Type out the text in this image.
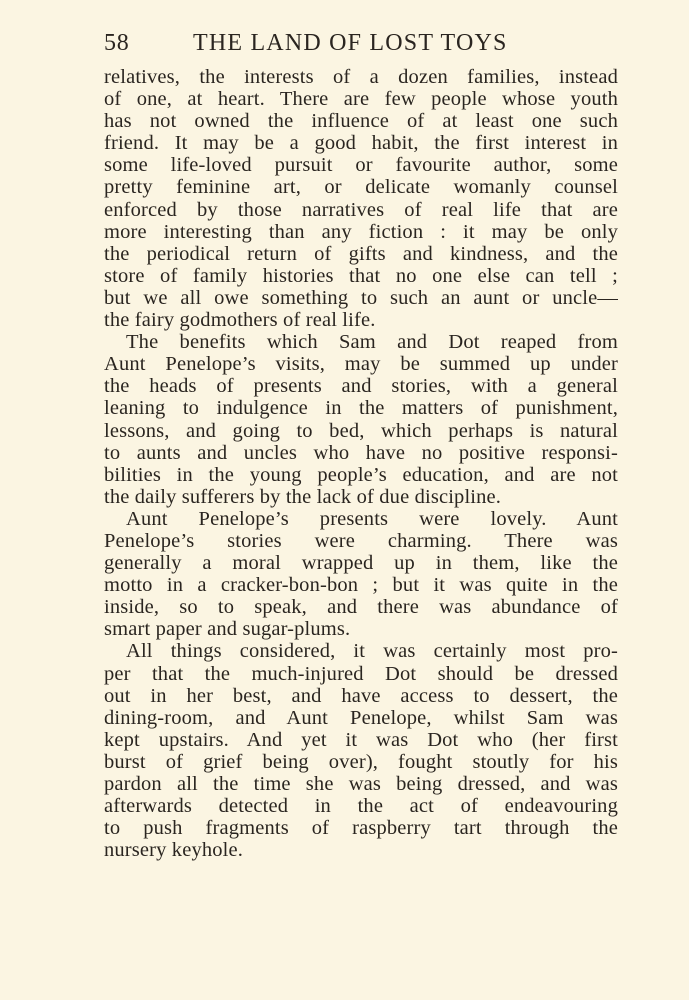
58	THE LAND OF LOST TOYS
relatives, the interests of a dozen families, instead
of one, at heart. There are few people whose youth
has not owned the influence of at least one such
friend. It may be a good habit, the first interest in
some life-loved pursuit or favourite author, some
pretty feminine art, or delicate womanly counsel
enforced by those narratives of real life that are
more interesting than any fiction : it may be only
the periodical return of gifts and kindness, and the
store of family histories that no one else can tell ;
but we all owe something to such an aunt or uncle—
the fairy godmothers of real life.
The benefits which Sam and Dot reaped from
Aunt Penelope’s visits, may be summed up under
the heads of presents and stories, with a general
leaning to indulgence in the matters of punishment,
lessons, and going to bed, which perhaps is natural
to aunts and uncles who have no positive responsi-
bilities in the young people’s education, and are not
the daily sufferers by the lack of due discipline.
Aunt Penelope’s presents were lovely. Aunt
Penelope’s stories were charming. There was
generally a moral wrapped up in them, like the
motto in a cracker-bon-bon ; but it was quite in the
inside, so to speak, and there was abundance of
smart paper and sugar-plums.
All things considered, it was certainly most pro-
per that the much-injured Dot should be dressed
out in her best, and have access to dessert, the
dining-room, and Aunt Penelope, whilst Sam was
kept upstairs. And yet it was Dot who (her first
burst of grief being over), fought stoutly for his
pardon all the time she was being dressed, and was
afterwards detected in the act of endeavouring
to push fragments of raspberry tart through the
nursery keyhole.
